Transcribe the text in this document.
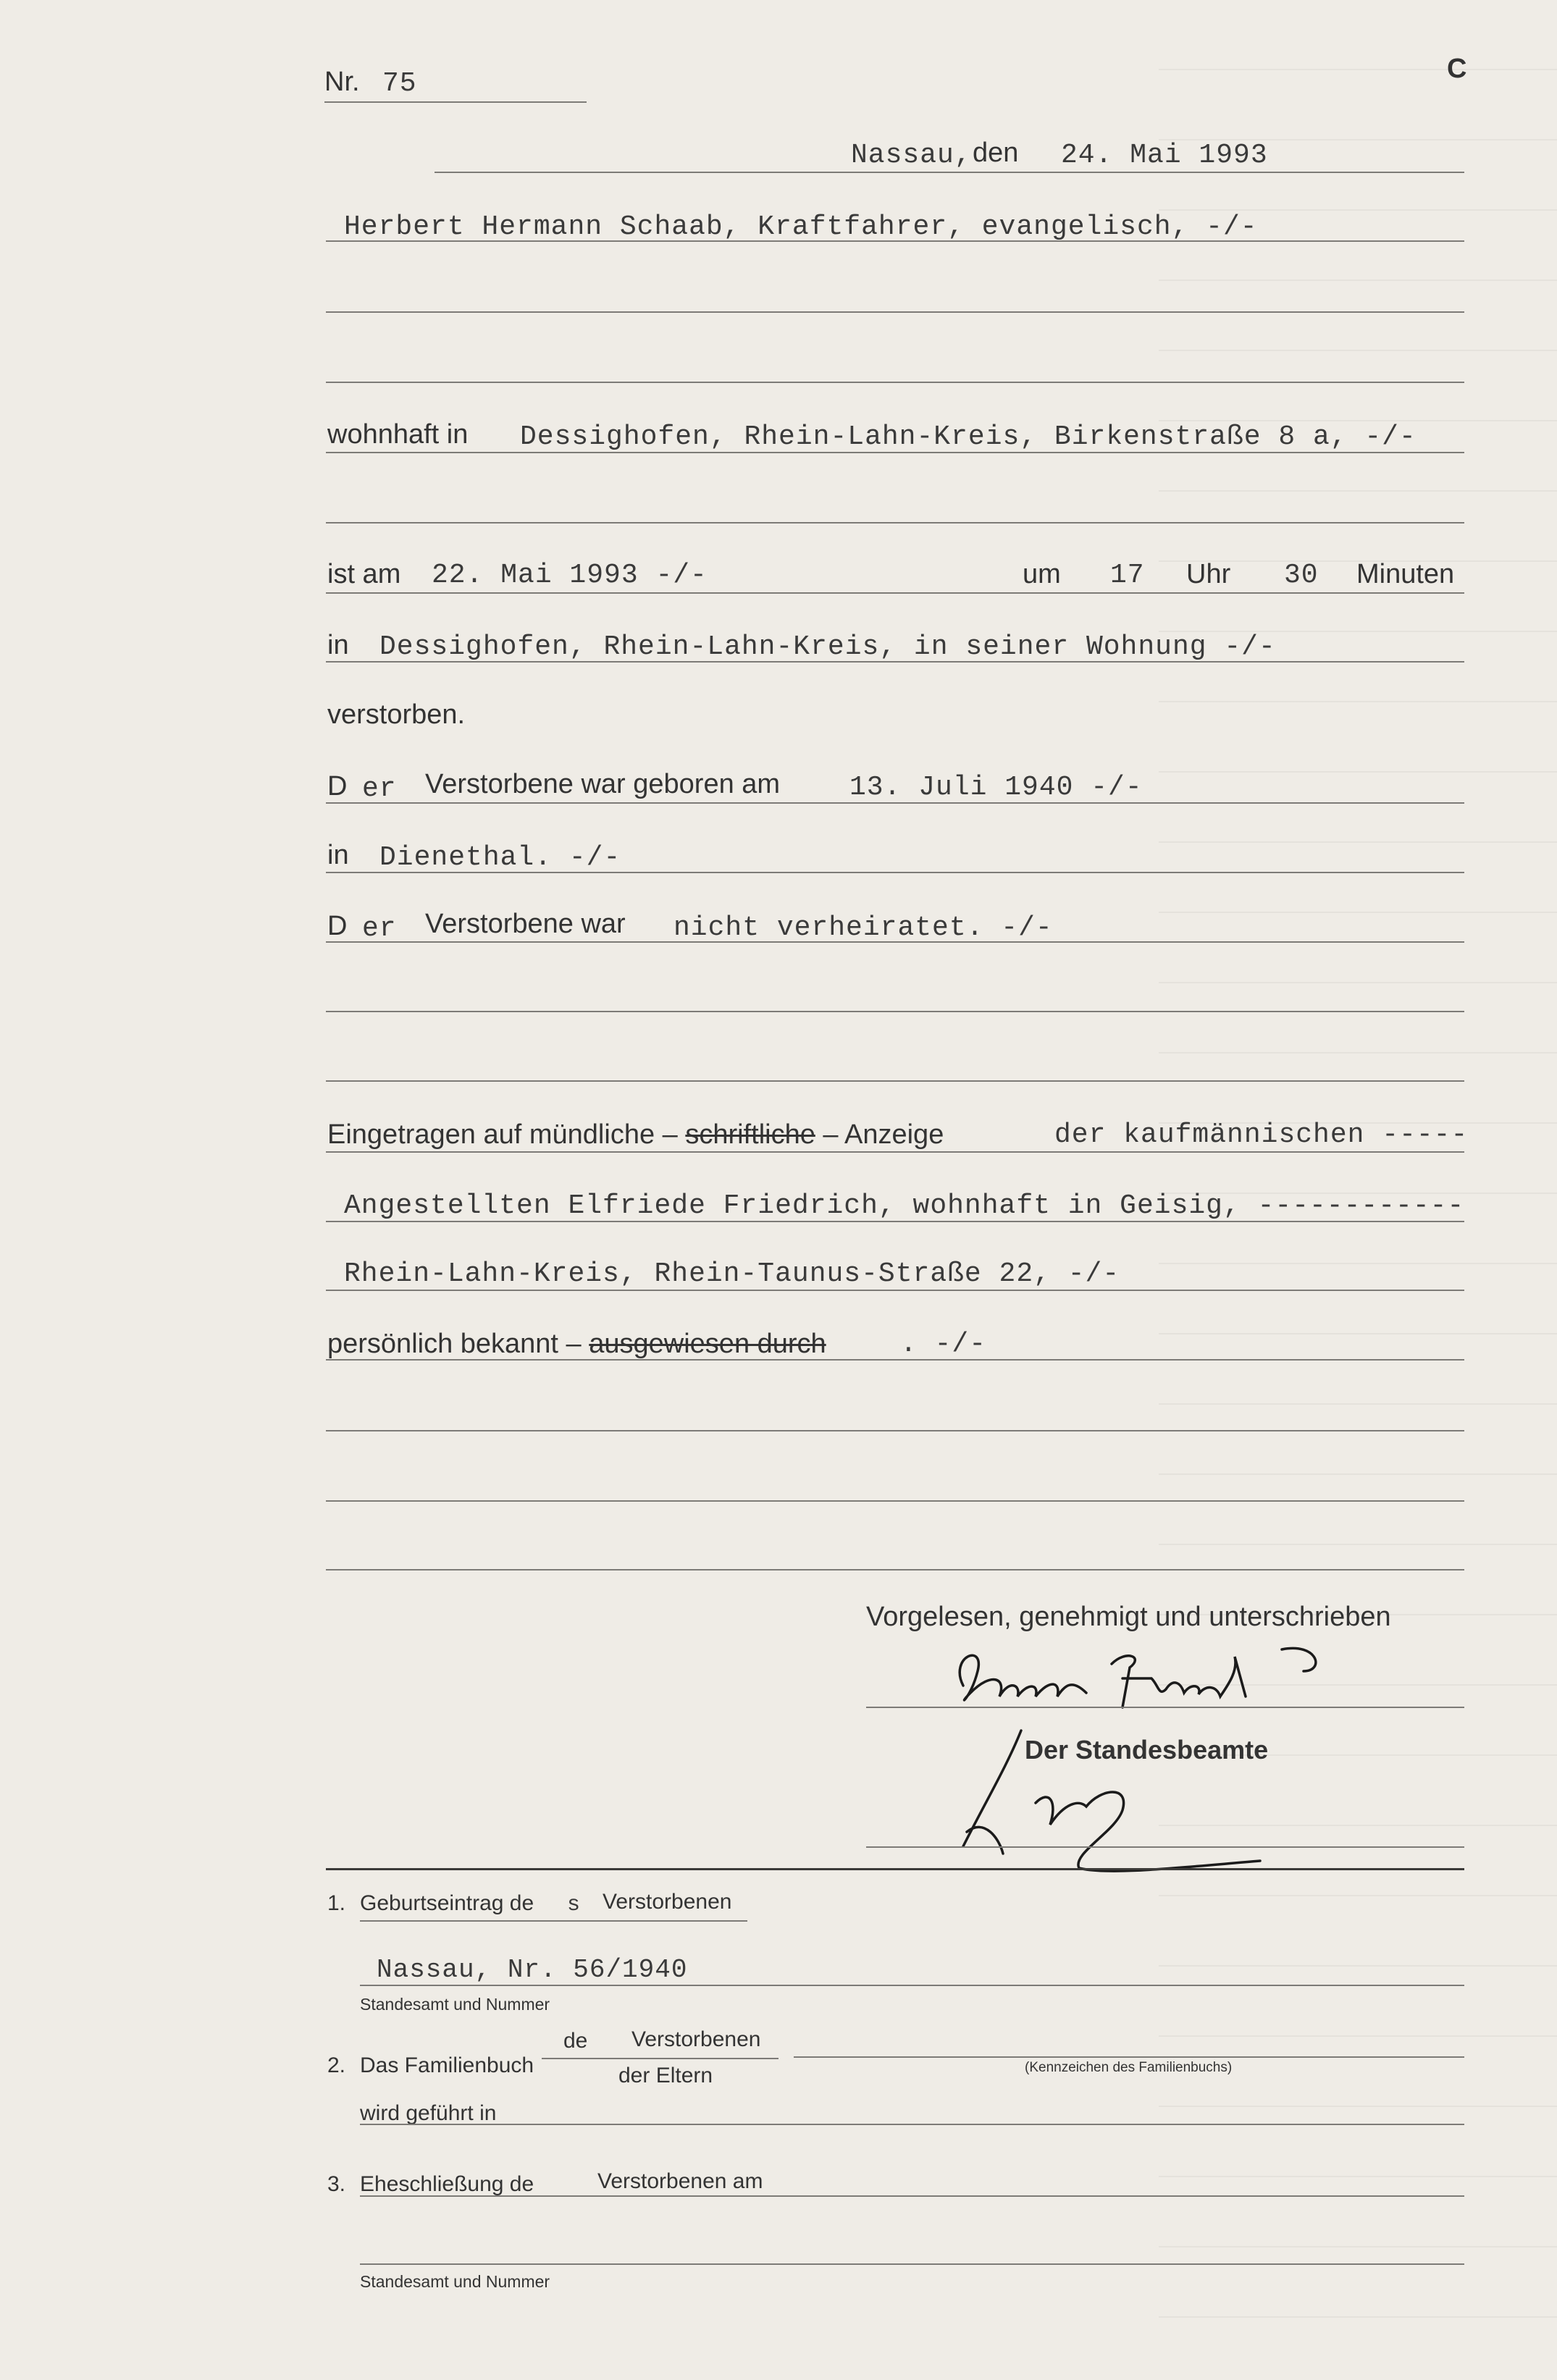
C
Nr. 75
Nassau, den 24. Mai 1993
Herbert Hermann Schaab, Kraftfahrer, evangelisch, -/-
wohnhaft in Dessighofen, Rhein-Lahn-Kreis, Birkenstraße 8 a, -/-
ist am 22. Mai 1993 -/-	um 17 Uhr 30 Minuten
in Dessighofen, Rhein-Lahn-Kreis, in seiner Wohnung -/-
verstorben.
D er Verstorbene war geboren am	13. Juli 1940 -/-
in Dienethal. -/-
D er Verstorbene war nicht verheiratet. -/-
Eingetragen auf mündliche – schriftliche – Anzeige	der kaufmännischen -----
Angestellten Elfriede Friedrich, wohnhaft in Geisig, ------------
Rhein-Lahn-Kreis, Rhein-Taunus-Straße 22, -/-
persönlich bekannt – ausgewiesen durch	. -/-
Vorgelesen, genehmigt und unterschrieben
Der Standesbeamte
1. Geburtseintrag de s Verstorbenen
Nassau, Nr. 56/1940
Standesamt und Nummer
2. Das Familienbuch
de Verstorbenen
der Eltern	(Kennzeichen des Familienbuchs)
wird geführt in
3. Eheschließung de	Verstorbenen am
Standesamt und Nummer
